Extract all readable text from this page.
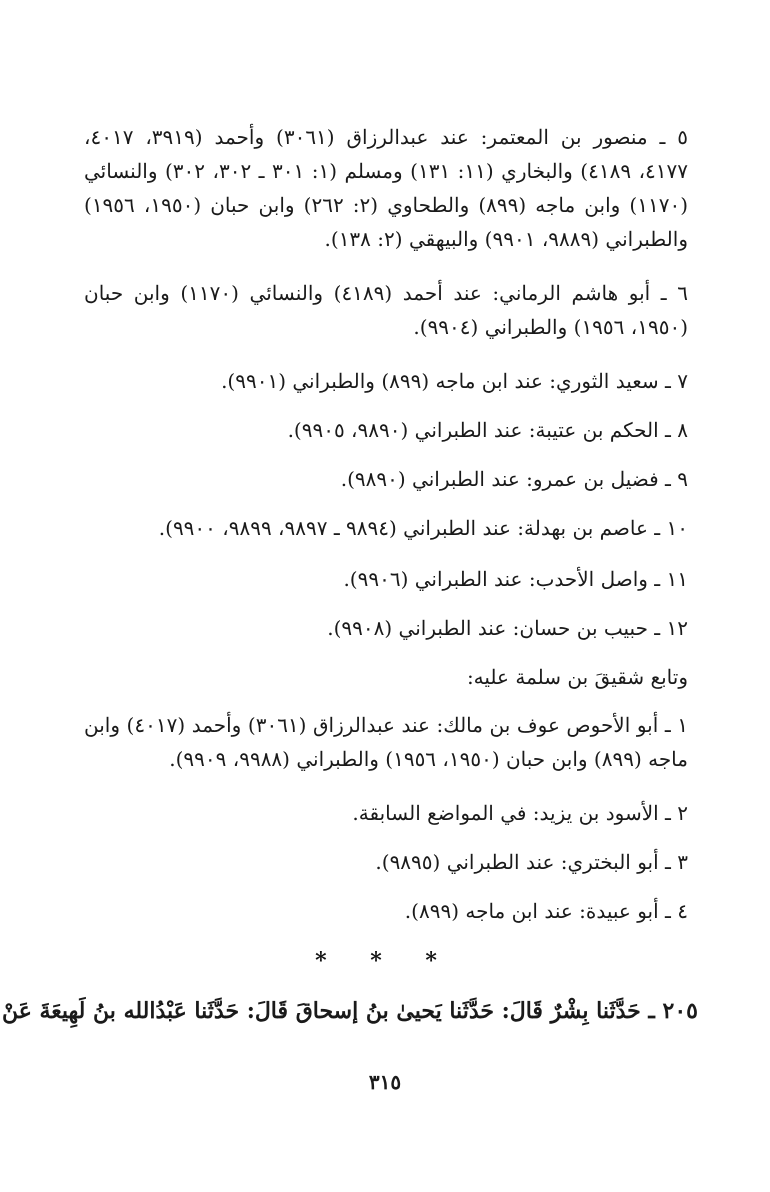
٥ ـ منصور بن المعتمر: عند عبدالرزاق (٣٠٦١) وأحمد (٣٩١٩، ٤٠١٧، ٤١٧٧، ٤١٨٩) والبخاري (١١: ١٣١) ومسلم (١: ٣٠١ ـ ٣٠٢، ٣٠٢) والنسائي (١١٧٠) وابن ماجه (٨٩٩) والطحاوي (٢: ٢٦٢) وابن حبان (١٩٥٠، ١٩٥٦) والطبراني (٩٨٨٩، ٩٩٠١) والبيهقي (٢: ١٣٨).
٦ ـ أبو هاشم الرماني: عند أحمد (٤١٨٩) والنسائي (١١٧٠) وابن حبان (١٩٥٠، ١٩٥٦) والطبراني (٩٩٠٤).
٧ ـ سعيد الثوري: عند ابن ماجه (٨٩٩) والطبراني (٩٩٠١).
٨ ـ الحكم بن عتيبة: عند الطبراني (٩٨٩٠، ٩٩٠٥).
٩ ـ فضيل بن عمرو: عند الطبراني (٩٨٩٠).
١٠ ـ عاصم بن بهدلة: عند الطبراني (٩٨٩٤ ـ ٩٨٩٧، ٩٨٩٩، ٩٩٠٠).
١١ ـ واصل الأحدب: عند الطبراني (٩٩٠٦).
١٢ ـ حبيب بن حسان: عند الطبراني (٩٩٠٨).
وتابع شقيقَ بن سلمة عليه:
١ ـ أبو الأحوص عوف بن مالك: عند عبدالرزاق (٣٠٦١) وأحمد (٤٠١٧) وابن ماجه (٨٩٩) وابن حبان (١٩٥٠، ١٩٥٦) والطبراني (٩٩٨٨، ٩٩٠٩).
٢ ـ الأسود بن يزيد: في المواضع السابقة.
٣ ـ أبو البختري: عند الطبراني (٩٨٩٥).
٤ ـ أبو عبيدة: عند ابن ماجه (٨٩٩).
* * *
٢٠٥ ـ حَدَّثَنا بِشْرٌ قَالَ: حَدَّثَنا يَحيىٰ بنُ إسحاقَ قَالَ: حَدَّثَنا عَبْدُالله بنُ لَهِيعَةَ عَنْ
٣١٥
